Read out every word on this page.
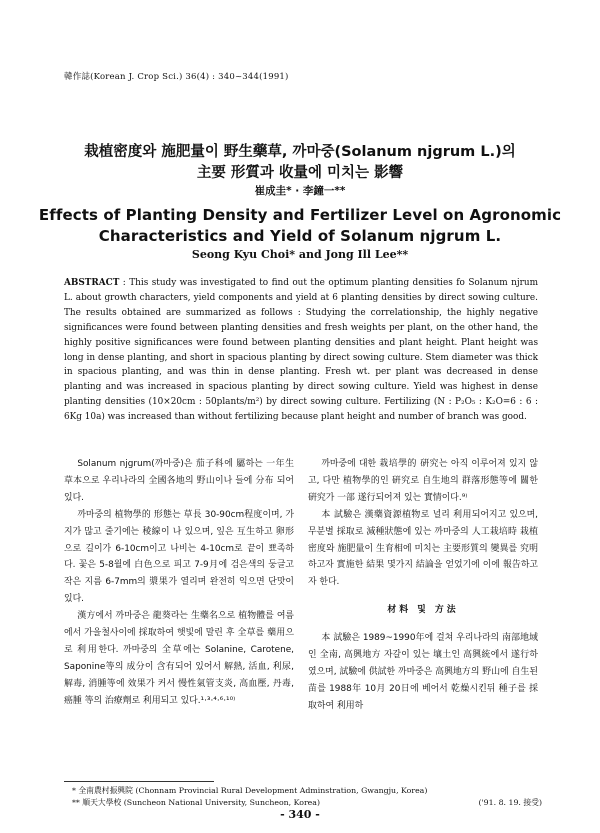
韓作誌(Korean J. Crop Sci.) 36(4) : 340~344(1991)
栽植密度와 施肥量이 野生藥草, 까마중(Solanum njgrum L.)의
主要 形質과 收量에 미치는 影響
崔成圭* · 李鐘一**
Effects of Planting Density and Fertilizer Level on Agronomic
Characteristics and Yield of Solanum njgrum L.
Seong Kyu Choi* and Jong Ill Lee**
ABSTRACT : This study was investigated to find out the optimum planting densities fo Solanum njrum L. about growth characters, yield components and yield at 6 planting densities by direct sowing culture. The results obtained are summarized as follows : Studying the correlationship, the highly negative significances were found between planting densities and fresh weights per plant, on the other hand, the highly positive significances were found between planting densities and plant height. Plant height was long in dense planting, and short in spacious planting by direct sowing culture. Stem diameter was thick in spacious planting, and was thin in dense planting. Fresh wt. per plant was decreased in dense planting and was increased in spacious planting by direct sowing culture. Yield was highest in dense planting densities (10×20cm : 50plants/m²) by direct sowing culture. Fertilizing (N : P₂O₅ : K₂O=6 : 6 : 6Kg 10a) was increased than without fertilizing because plant height and number of branch was good.

Solanum njgrum(까마중)은 茄子科에 屬하는 一年生 草本으로 우리나라의 全國各地의 野山이나 들에 分布 되어있다.

까마중의 植物學的 形態는 草長 30-90cm程度이며, 가지가 많고 줄기에는 稜線이 나 있으며, 잎은 互生하고 卵形으로 길이가 6-10cm이고 나비는 4-10cm로 끝이 뾰족하다. 꽃은 5-8월에 白色으로 피고 7-9月에 검은색의 둥글고 작은 지름 6-7mm의 漿果가 열리며 완전히 익으면 단맛이 있다.

漢方에서 까마중은 龍葵라는 生藥名으로 植物體를 여름에서 가을철사이에 採取하여 햇빛에 말린 후 全草를 藥用으로 利用한다. 까마중의 全草에는 Solanine, Carotene, Saponine等의 成分이 含有되어 있어서 解熱, 活血, 利尿, 解毒, 消腫等에 效果가 커서 慢性氣管支炎, 高血壓, 丹毒, 癌腫 等의 治療劑로 利用되고 있다.¹·³·⁴·⁶·¹⁰⁾

까마중에 대한 栽培學的 硏究는 아직 이루어져 있지 않고, 다만 植物學的인 硏究로 自生地의 群落形態等에 關한 硏究가 一部 遂行되어져 있는 實情이다.⁹⁾

本 試驗은 漢藥資源植物로 널리 利用되어지고 있으며, 무분별 採取로 減種狀態에 있는 까마중의 人工栽培時 栽植密度와 施肥量이 生育相에 미치는 主要形質의 變異를 究明하고자 實施한 結果 몇가지 結論을 얻었기에 이에 報告하고자 한다.

材料 및 方法

本 試驗은 1989~1990年에 걸쳐 우리나라의 南部地域인 全南, 高興地方 자갈이 있는 壤土인 高興統에서 遂行하였으며, 試驗에 供試한 까마중은 高興地方의 野山에 自生된 苗를 1988年 10月 20日에 베어서 乾燥시킨뒤 種子를 採取하여 利用하

* 全南農村振興院 (Chonnam Provincial Rural Development Adminstration, Gwangju, Korea)
** 順天大學校 (Suncheon National University, Suncheon, Korea)	('91. 8. 19. 接受)
- 340 -
